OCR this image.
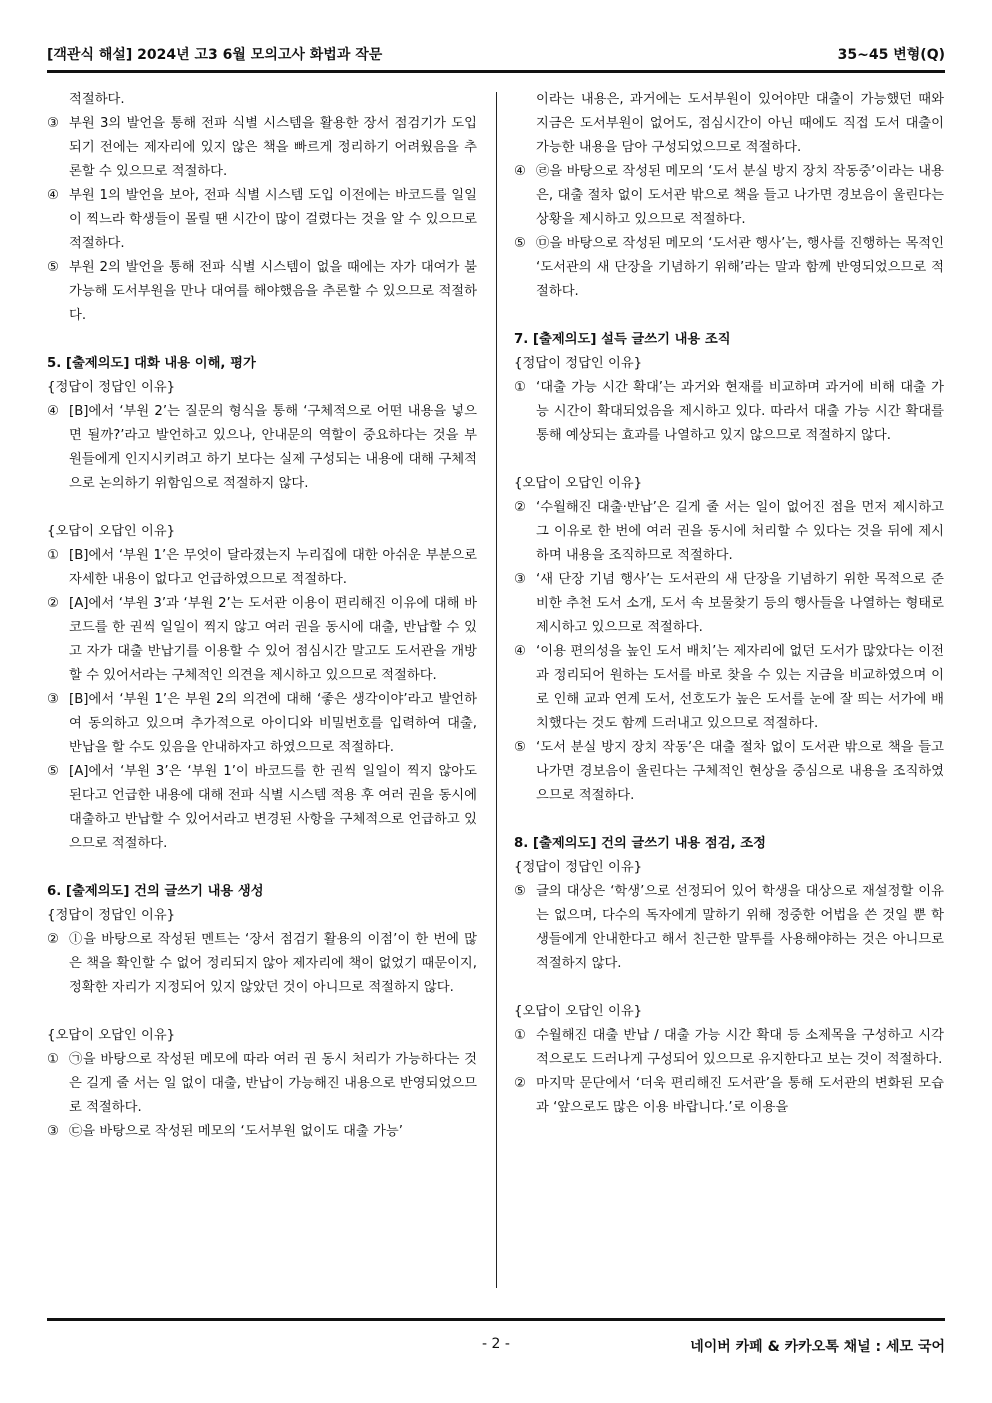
[객관식 해설] 2024년 고3 6월 모의고사 화법과 작문	35~45 변형(Q)
적절하다.
③ 부원 3의 발언을 통해 전파 식별 시스템을 활용한 장서 점검기가 도입되기 전에는 제자리에 있지 않은 책을 빠르게 정리하기 어려웠음을 추론할 수 있으므로 적절하다.
④ 부원 1의 발언을 보아, 전파 식별 시스템 도입 이전에는 바코드를 일일이 찍느라 학생들이 몰릴 땐 시간이 많이 걸렸다는 것을 알 수 있으므로 적절하다.
⑤ 부원 2의 발언을 통해 전파 식별 시스템이 없을 때에는 자가 대여가 불가능해 도서부원을 만나 대여를 해야했음을 추론할 수 있으므로 적절하다.
5. [출제의도] 대화 내용 이해, 평가
{정답이 정답인 이유}
④ [B]에서 ‘부원 2’는 질문의 형식을 통해 ‘구체적으로 어떤 내용을 넣으면 될까?’라고 발언하고 있으나, 안내문의 역할이 중요하다는 것을 부원들에게 인지시키려고 하기 보다는 실제 구성되는 내용에 대해 구체적으로 논의하기 위함임으로 적절하지 않다.
{오답이 오답인 이유}
① [B]에서 ‘부원 1’은 무엇이 달라졌는지 누리집에 대한 아쉬운 부분으로 자세한 내용이 없다고 언급하였으므로 적절하다.
② [A]에서 ‘부원 3’과 ‘부원 2’는 도서관 이용이 편리해진 이유에 대해 바코드를 한 권씩 일일이 찍지 않고 여러 권을 동시에 대출, 반납할 수 있고 자가 대출 반납기를 이용할 수 있어 점심시간 말고도 도서관을 개방할 수 있어서라는 구체적인 의견을 제시하고 있으므로 적절하다.
③ [B]에서 ‘부원 1’은 부원 2의 의견에 대해 ‘좋은 생각이야’라고 발언하여 동의하고 있으며 추가적으로 아이디와 비밀번호를 입력하여 대출, 반납을 할 수도 있음을 안내하자고 하였으므로 적절하다.
⑤ [A]에서 ‘부원 3’은 ‘부원 1’이 바코드를 한 권씩 일일이 찍지 않아도 된다고 언급한 내용에 대해 전파 식별 시스템 적용 후 여러 권을 동시에 대출하고 반납할 수 있어서라고 변경된 사항을 구체적으로 언급하고 있으므로 적절하다.
6. [출제의도] 건의 글쓰기 내용 생성
{정답이 정답인 이유}
② ⓛ을 바탕으로 작성된 멘트는 ‘장서 점검기 활용의 이점’이 한 번에 많은 책을 확인할 수 없어 정리되지 않아 제자리에 책이 없었기 때문이지, 정확한 자리가 지정되어 있지 않았던 것이 아니므로 적절하지 않다.
{오답이 오답인 이유}
① ㉠을 바탕으로 작성된 메모에 따라 여러 권 동시 처리가 가능하다는 것은 길게 줄 서는 일 없이 대출, 반납이 가능해진 내용으로 반영되었으므로 적절하다.
③ ㉢을 바탕으로 작성된 메모의 ‘도서부원 없이도 대출 가능’
이라는 내용은, 과거에는 도서부원이 있어야만 대출이 가능했던 때와 지금은 도서부원이 없어도, 점심시간이 아닌 때에도 직접 도서 대출이 가능한 내용을 담아 구성되었으므로 적절하다.
④ ㉣을 바탕으로 작성된 메모의 ‘도서 분실 방지 장치 작동중’이라는 내용은, 대출 절차 없이 도서관 밖으로 책을 들고 나가면 경보음이 울린다는 상황을 제시하고 있으므로 적절하다.
⑤ ㉤을 바탕으로 작성된 메모의 ‘도서관 행사’는, 행사를 진행하는 목적인 ‘도서관의 새 단장을 기념하기 위해’라는 말과 함께 반영되었으므로 적절하다.
7. [출제의도] 설득 글쓰기 내용 조직
{정답이 정답인 이유}
① ‘대출 가능 시간 확대’는 과거와 현재를 비교하며 과거에 비해 대출 가능 시간이 확대되었음을 제시하고 있다. 따라서 대출 가능 시간 확대를 통해 예상되는 효과를 나열하고 있지 않으므로 적절하지 않다.
{오답이 오답인 이유}
② ‘수월해진 대출·반납’은 길게 줄 서는 일이 없어진 점을 먼저 제시하고 그 이유로 한 번에 여러 권을 동시에 처리할 수 있다는 것을 뒤에 제시하며 내용을 조직하므로 적절하다.
③ ‘새 단장 기념 행사’는 도서관의 새 단장을 기념하기 위한 목적으로 준비한 추천 도서 소개, 도서 속 보물찾기 등의 행사들을 나열하는 형태로 제시하고 있으므로 적절하다.
④ ‘이용 편의성을 높인 도서 배치’는 제자리에 없던 도서가 많았다는 이전과 정리되어 원하는 도서를 바로 찾을 수 있는 지금을 비교하였으며 이로 인해 교과 연계 도서, 선호도가 높은 도서를 눈에 잘 띄는 서가에 배치했다는 것도 함께 드러내고 있으므로 적절하다.
⑤ ‘도서 분실 방지 장치 작동’은 대출 절차 없이 도서관 밖으로 책을 들고 나가면 경보음이 울린다는 구체적인 현상을 중심으로 내용을 조직하였으므로 적절하다.
8. [출제의도] 건의 글쓰기 내용 점검, 조정
{정답이 정답인 이유}
⑤ 글의 대상은 ‘학생’으로 선정되어 있어 학생을 대상으로 재설정할 이유는 없으며, 다수의 독자에게 말하기 위해 정중한 어법을 쓴 것일 뿐 학생들에게 안내한다고 해서 친근한 말투를 사용해야하는 것은 아니므로 적절하지 않다.
{오답이 오답인 이유}
① 수월해진 대출 반납 / 대출 가능 시간 확대 등 소제목을 구성하고 시각적으로도 드러나게 구성되어 있으므로 유지한다고 보는 것이 적절하다.
② 마지막 문단에서 ‘더욱 편리해진 도서관’을 통해 도서관의 변화된 모습과 ‘앞으로도 많은 이용 바랍니다.’로 이용을
- 2 -	네이버 카페 & 카카오톡 채널 : 세모 국어
